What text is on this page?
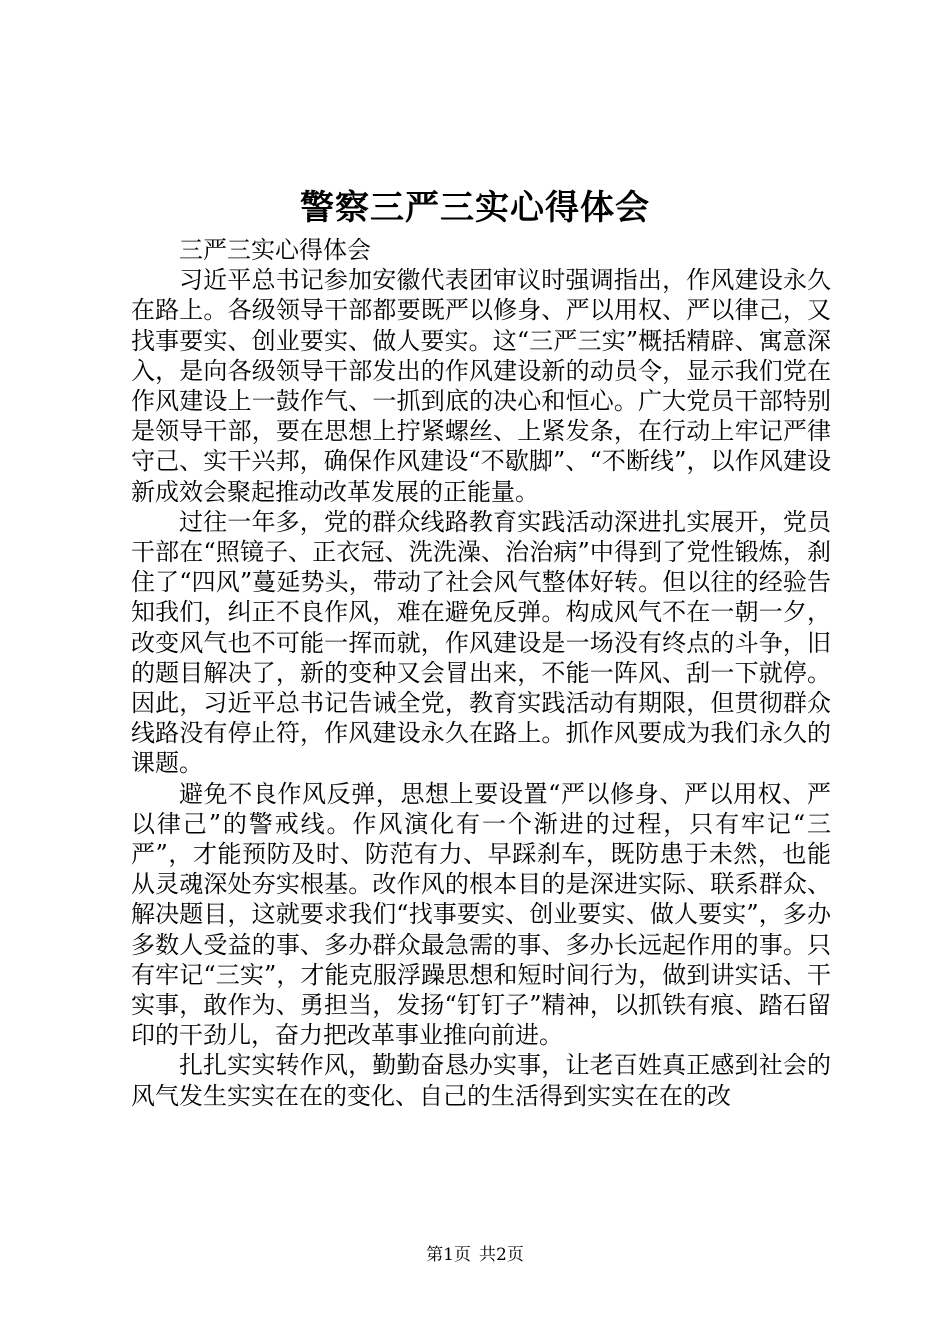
警察三严三实心得体会

三严三实心得体会

习近平总书记参加安徽代表团审议时强调指出，作风建设永久在路上。各级领导干部都要既严以修身、严以用权、严以律己，又找事要实、创业要实、做人要实。这“三严三实”概括精辟、寓意深入，是向各级领导干部发出的作风建设新的动员令，显示我们党在作风建设上一鼓作气、一抓到底的决心和恒心。广大党员干部特别是领导干部，要在思想上拧紧螺丝、上紧发条，在行动上牢记严律守己、实干兴邦，确保作风建设“不歇脚”、“不断线”，以作风建设新成效会聚起推动改革发展的正能量。

过往一年多，党的群众线路教育实践活动深进扎实展开，党员干部在“照镜子、正衣冠、洗洗澡、治治病”中得到了党性锻炼，刹住了“四风”蔓延势头，带动了社会风气整体好转。但以往的经验告知我们，纠正不良作风，难在避免反弹。构成风气不在一朝一夕，改变风气也不可能一挥而就，作风建设是一场没有终点的斗争，旧的题目解决了，新的变种又会冒出来，不能一阵风、刮一下就停。因此，习近平总书记告诫全党，教育实践活动有期限，但贯彻群众线路没有停止符，作风建设永久在路上。抓作风要成为我们永久的课题。

避免不良作风反弹，思想上要设置“严以修身、严以用权、严以律己”的警戒线。作风演化有一个渐进的过程，只有牢记“三严”，才能预防及时、防范有力、早踩刹车，既防患于未然，也能从灵魂深处夯实根基。改作风的根本目的是深进实际、联系群众、解决题目，这就要求我们“找事要实、创业要实、做人要实”，多办多数人受益的事、多办群众最急需的事、多办长远起作用的事。只有牢记“三实”，才能克服浮躁思想和短时间行为，做到讲实话、干实事，敢作为、勇担当，发扬“钉钉子”精神，以抓铁有痕、踏石留印的干劲儿，奋力把改革事业推向前进。

扎扎实实转作风，勤勤奋恳办实事，让老百姓真正感到社会的风气发生实实在在的变化、自己的生活得到实实在在的改

第1页 共2页
